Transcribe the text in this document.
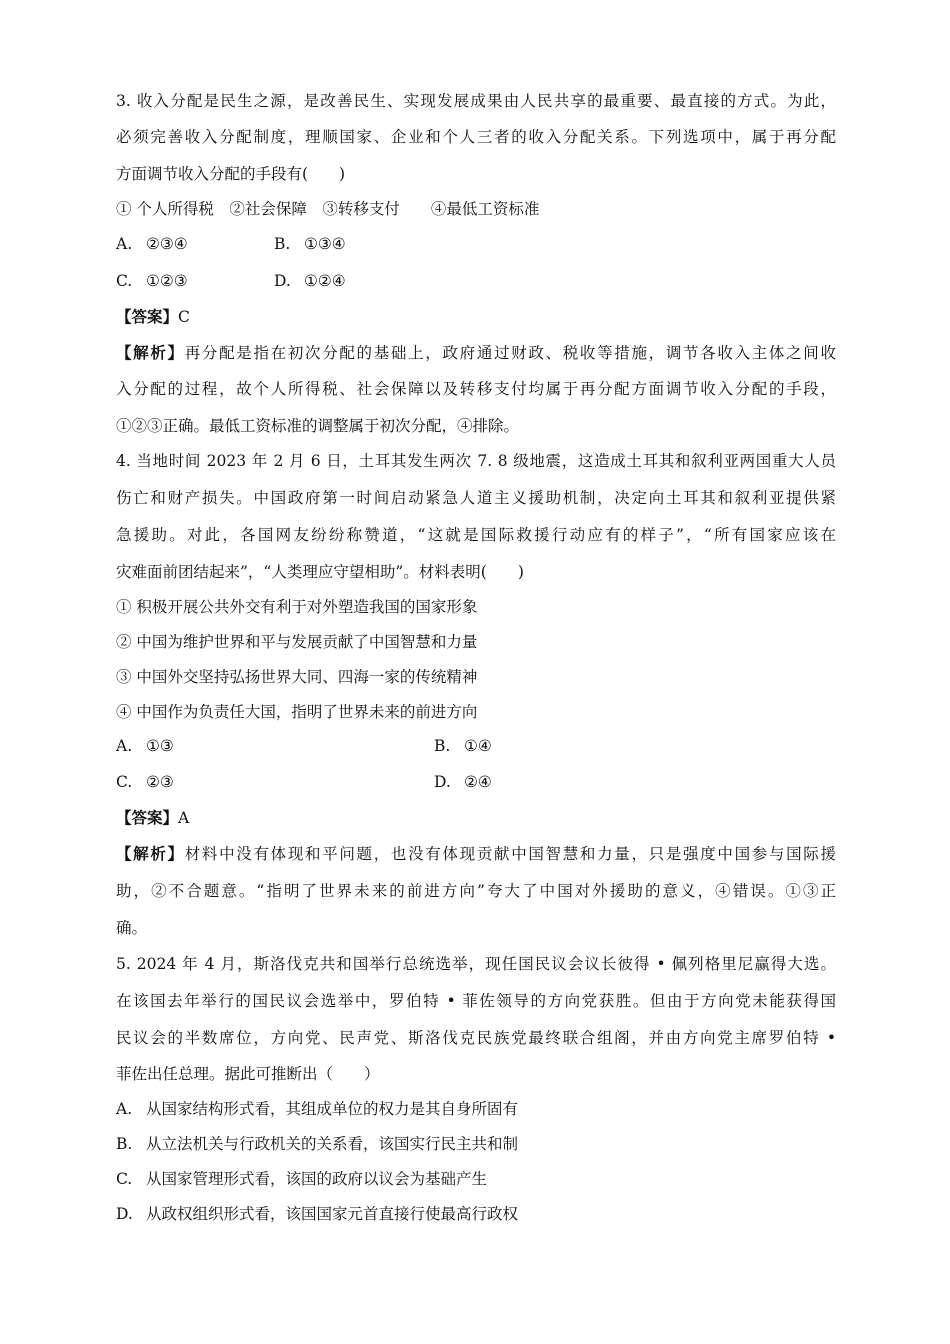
3. 收入分配是民生之源，是改善民生、实现发展成果由人民共享的最重要、最直接的方式。为此，
必须完善收入分配制度，理顺国家、企业和个人三者的收入分配关系。下列选项中，属于再分配
方面调节收入分配的手段有(　　)
① 个人所得税　②社会保障　③转移支付　　④最低工资标准
A. ②③④	B. ①③④
C. ①②③	D. ①②④
【答案】C
【解析】再分配是指在初次分配的基础上，政府通过财政、税收等措施，调节各收入主体之间收
入分配的过程，故个人所得税、社会保障以及转移支付均属于再分配方面调节收入分配的手段，
①②③正确。最低工资标准的调整属于初次分配，④排除。
4. 当地时间 2023 年 2 月 6 日，土耳其发生两次 7. 8 级地震，这造成土耳其和叙利亚两国重大人员
伤亡和财产损失。中国政府第一时间启动紧急人道主义援助机制，决定向土耳其和叙利亚提供紧
急援助。对此，各国网友纷纷称赞道，“这就是国际救援行动应有的样子”，“所有国家应该在
灾难面前团结起来”，“人类理应守望相助”。材料表明(　　)
① 积极开展公共外交有利于对外塑造我国的国家形象
② 中国为维护世界和平与发展贡献了中国智慧和力量
③ 中国外交坚持弘扬世界大同、四海一家的传统精神
④ 中国作为负责任大国，指明了世界未来的前进方向
A. ①③	B. ①④
C. ②③	D. ②④
【答案】A
【解析】材料中没有体现和平问题，也没有体现贡献中国智慧和力量，只是强度中国参与国际援
助，②不合题意。“指明了世界未来的前进方向”夸大了中国对外援助的意义，④错误。①③正
确。
5. 2024 年 4 月，斯洛伐克共和国举行总统选举，现任国民议会议长彼得 • 佩列格里尼赢得大选。
在该国去年举行的国民议会选举中，罗伯特 • 菲佐领导的方向党获胜。但由于方向党未能获得国
民议会的半数席位，方向党、民声党、斯洛伐克民族党最终联合组阁，并由方向党主席罗伯特 •
菲佐出任总理。据此可推断出（　　）
A. 从国家结构形式看，其组成单位的权力是其自身所固有
B. 从立法机关与行政机关的关系看，该国实行民主共和制
C. 从国家管理形式看，该国的政府以议会为基础产生
D. 从政权组织形式看，该国国家元首直接行使最高行政权
